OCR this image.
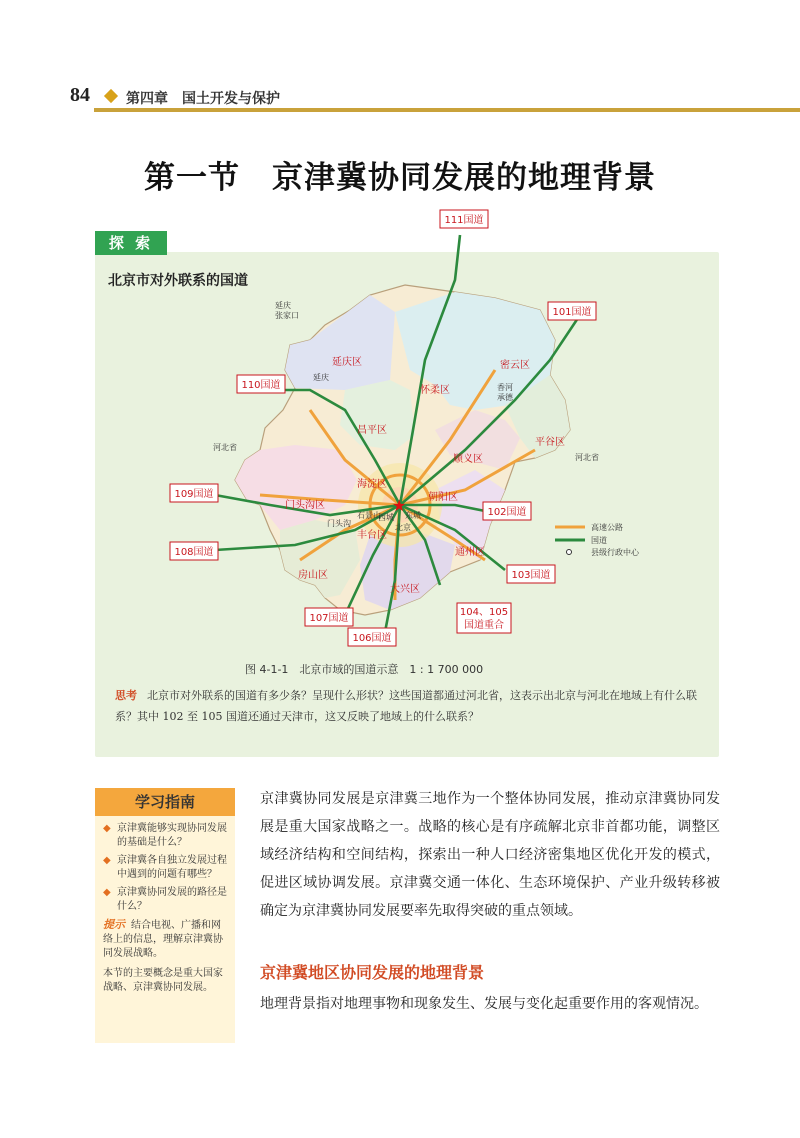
84	第四章　国土开发与保护
第一节　京津冀协同发展的地理背景
探 索
北京市对外联系的国道
★
111国道
101国道
110国道
109国道
102国道
108国道
103国道
104、105
国道重合
107国道
106国道
延庆区
怀柔区
密云区
平谷区
昌平区
顺义区
门头沟区
海淀区
朝阳区
房山区
大兴区
通州区
丰台区
西城 东城
北京
石景山
门头沟
延庆
张家口
承德
延庆
香河
河北省
河北省
高速公路
国道
县级行政中心
图 4-1-1　北京市域的国道示意　1 : 1 700 000
思考 北京市对外联系的国道有多少条？呈现什么形状？这些国道都通过河北省，这表示出北京与河北在地域上有什么联系？其中 102 至 105 国道还通过天津市，这又反映了地域上的什么联系？
学习指南
◆ 京津冀能够实现协同发展的基础是什么？
◆ 京津冀各自独立发展过程中遇到的问题有哪些？
◆ 京津冀协同发展的路径是什么？
提示 结合电视、广播和网络上的信息，理解京津冀协同发展战略。
本节的主要概念是重大国家战略、京津冀协同发展。
京津冀协同发展是京津冀三地作为一个整体协同发展，推动京津冀协同发展是重大国家战略之一。战略的核心是有序疏解北京非首都功能，调整区域经济结构和空间结构，探索出一种人口经济密集地区优化开发的模式，促进区域协调发展。京津冀交通一体化、生态环境保护、产业升级转移被确定为京津冀协同发展要率先取得突破的重点领域。
京津冀地区协同发展的地理背景
地理背景指对地理事物和现象发生、发展与变化起重要作用的客观情况。
